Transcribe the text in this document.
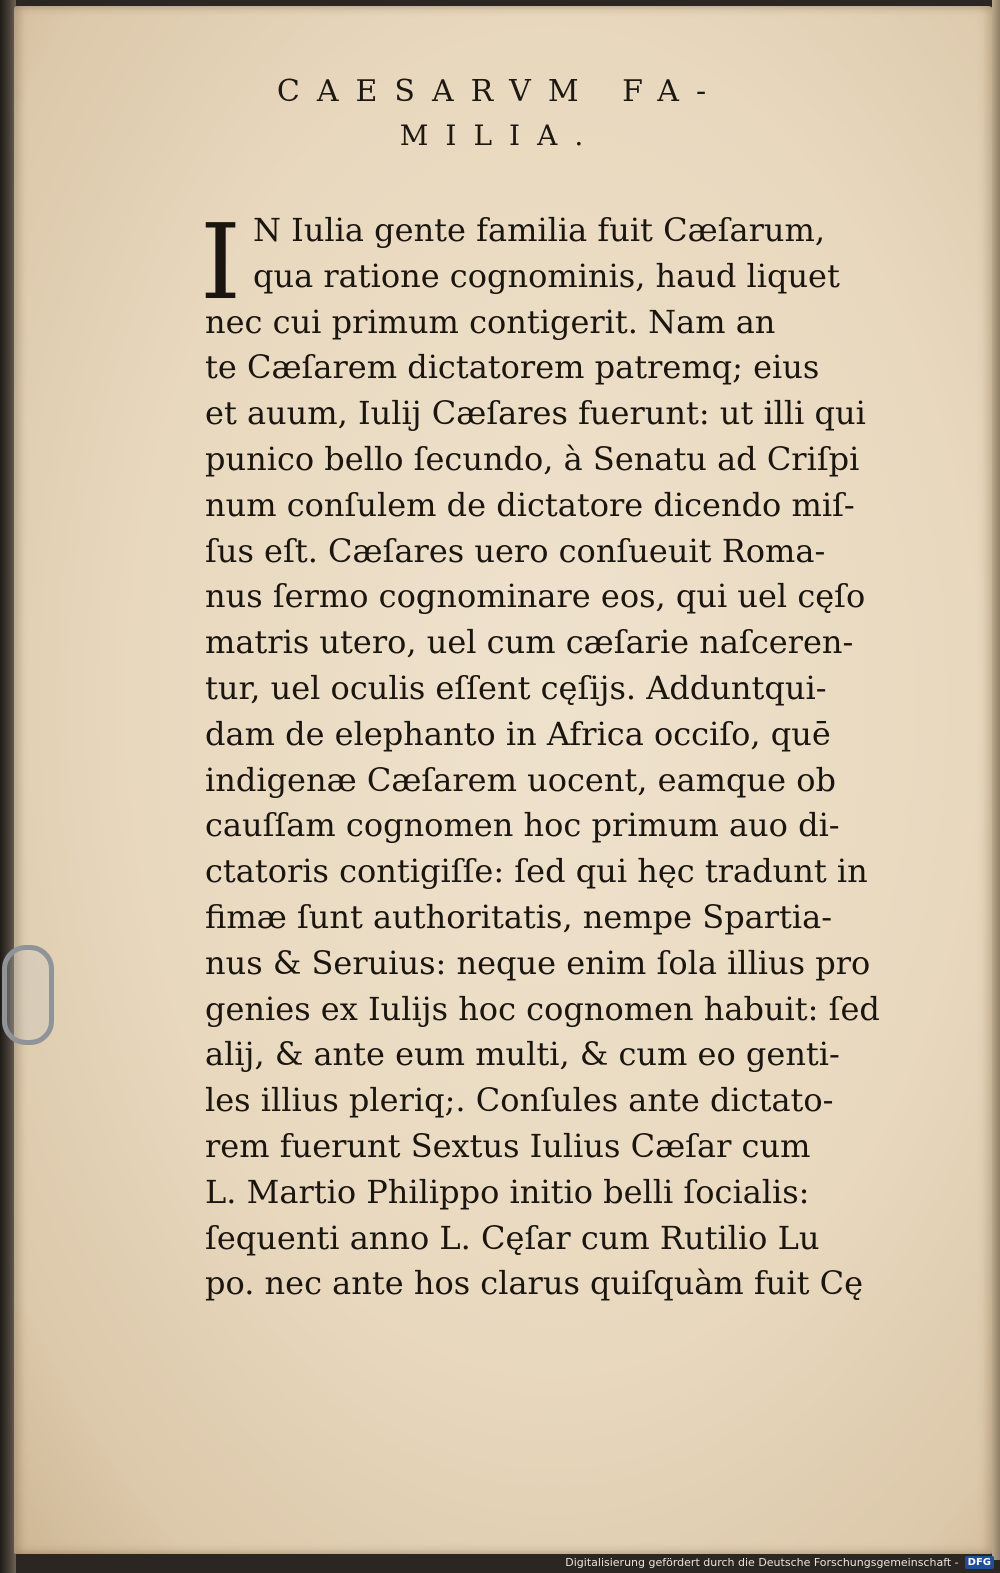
CAESARVM FA-
MILIA.
I N Iulia gente familia fuit Cæſarum,
qua ratione cognominis, haud liquet
nec cui primum contigerit. Nam an
te Cæſarem dictatorem patremq; eius
et auum, Iulij Cæſares fuerunt: ut illi qui
punico bello ſecundo, à Senatu ad Criſpi
num conſulem de dictatore dicendo miſ-
ſus eſt. Cæſares uero conſueuit Roma-
nus ſermo cognominare eos, qui uel cęſo
matris utero, uel cum cæſarie naſceren-
tur, uel oculis eſſent cęſijs. Adduntqui-
dam de elephanto in Africa occiſo, quē
indigenæ Cæſarem uocent, eamque ob
cauſſam cognomen hoc primum auo di-
ctatoris contigiſſe: ſed qui hęc tradunt in
fimæ ſunt authoritatis, nempe Spartia-
nus & Seruius: neque enim ſola illius pro
genies ex Iulijs hoc cognomen habuit: ſed
alij, & ante eum multi, & cum eo genti-
les illius pleriq;. Conſules ante dictato-
rem fuerunt Sextus Iulius Cæſar cum
L. Martio Philippo initio belli ſocialis:
ſequenti anno L. Cęſar cum Rutilio Lu
po. nec ante hos clarus quiſquàm fuit Cę
Digitalisierung gefördert durch die Deutsche Forschungsgemeinschaft - DFG
